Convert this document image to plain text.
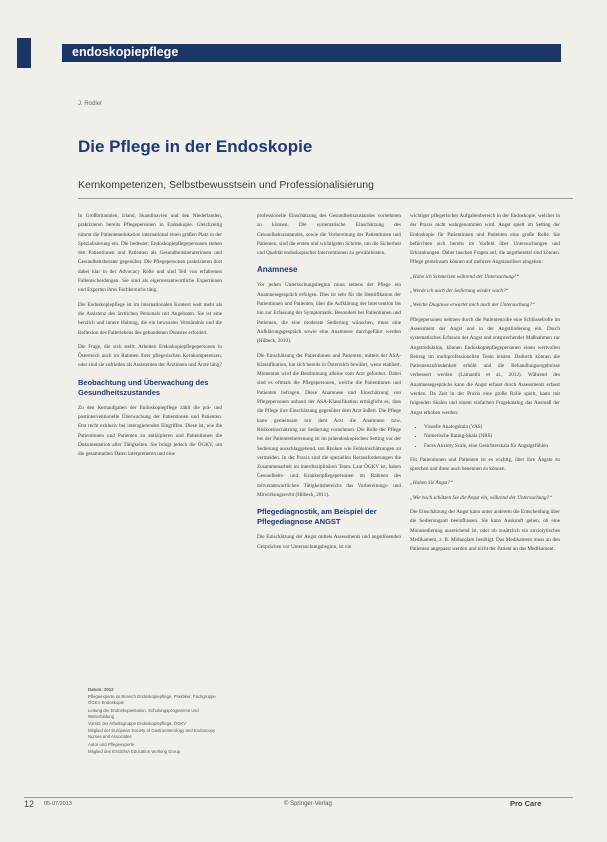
endoskopiepflege
J. Rodler
Die Pflege in der Endoskopie
Kernkompetenzen, Selbstbewusstsein und Professionalisierung

In Großbritannien, Irland, Skandinavien und den Niederlanden, praktizieren bereits Pflegepersonen in Endoskopie. Gleichzeitig nimmt die Patientenedukation international einen großen Platz in der Spezialisierung ein. Die bedeutet: Endoskopiepflegepersonen stehen den Patientinnen und Patienten als Gesundheitsberaterinnen und Gesundheitsberater gegenüber. Die Pflegepersonen praktizieren dort dabei klar in der Advocacy Rolle und sind Teil von erfahrenen Fallentscheidungen. Sie sind als eigenverantwortliche Expertinnen und Experten ihres Fachbereichs tätig.

Die Endoskopiepflege ist im internationalen Kontext weit mehr als die Assistenz des ärztlichen Personals mit Angeboten. Sie ist eine herzlich und innere Haltung, die ein bewusstes Verständnis und die Reflexion des Fallerlebens des gebundenen Dienstes erfordert.

Die Frage, die sich stellt: Arbeiten Endoskopiepflegepersonen in Österreich auch im Rahmen ihrer pflegerischen Kernkompetenzen, oder sind sie zufrieden als Assistenten der Ärztinnen und Ärzte tätig?

Beobachtung und Überwachung des Gesundheitszustandes

Zu den Kernaufgaben der Endoskopiepflege zählt die prä- und postinterventionelle Überwachung der Patientinnen und Patienten. Erst recht exklusiv bei interagierenden Eingriffen. Diese ist, wie die Patientinnen und Patienten zu antizipieren und Patientinnen die Dokumentation aller Tätigkeiten. Sie bringt jedoch die ÖGKV, um die gesammelten Daten interpretieren und eine

Datum: 2012
Pflegeexperte im Bereich Endoskopiepflege, Praktiker, Fachgruppe ÖGKV Endoskopie
Leitung der Endoskopiestation, Schulungsprogramme und Weiterbildung
Vorsitz der Arbeitsgruppe Endoskopiepflege, ÖGKV
Mitglied der European Society of Gastroenterology and Endoscopy Nurses and Associates
Autor und Pflegeexperte
Mitglied des ESGENA Education Working Group

professionelle Einschätzung des Gesundheitszustandes vornehmen zu können. Die systematische Einschätzung des Gesundheitszustandes, sowie die Vorbereitung der Patientinnen und Patienten, sind die ersten und wichtigsten Schritte, um die Sicherheit und Qualität endoskopischer Interventionen zu gewährleisten.

Anamnese

Vor jedem Untersuchungsbeginn muss seitens der Pflege ein Anamnesegespräch erfolgen. Dies ist sehr für die Identifikation der Patientinnen und Patienten, über die Aufklärung der Intervention bis hin zur Erfassung der Symptomatik. Besonders bei Patientinnen und Patienten, die eine moderate Sedierung wünschen, muss eine Aufklärungsgespräch sowie eine Anamnese durchgeführt werden (Hilbeck, 2010).

Die Einschätzung der Patientinnen und Patienten, mittels der ASA-Klassifikation, hat sich bereits in Österreich bewährt, wenn etabliert. Momentan wird die Bestimmung alleine vom Arzt gefordert. Dabei sind es oftmals die Pflegepersonen, welche die Patientinnen und Patienten befragen. Diese Anamnese und Einschätzung von Pflegepersonen anhand der ASA-Klassifikation ermöglicht es, dass die Pflege ihre Einschätzung gegenüber dem Arzt äußert. Die Pflege kann gemeinsam mit dem Arzt die Anamnese bzw. Risikoeinschätzung zur Sedierung vornehmen. Die Rolle der Pflege bei der Patientenbetreuung ist im präendoskopischen Setting vor der Sedierung ausschlaggebend, um Risiken wie Fehleinschätzungen zu vermeiden. In der Praxis sind die speziellen Herausforderungen die Zusammenarbeit im interdisziplinären Team. Laut ÖGKV ist, haben Gesundheits- und Krankenpflegepersonen im Rahmen des mitverantwortlichen Tätigkeitsbereichs das Vorbereitungs- und Mitwirkungsrecht (Hilbeck, 2011).

Pflegediagnostik, am Beispiel der Pflegediagnose ANGST

Die Einschätzung der Angst mittels Assessments und angstlösenden Gesprächen vor Untersuchungsbeginn, ist ein

wichtiger pflegerischer Aufgabenbereich in der Endoskopie, welcher in der Praxis nicht wahrgenommen wird. Angst spielt im Setting der Endoskopie für Patientinnen und Patienten eine große Rolle. Sie befürchten sich bereits im Vorfeld über Untersuchungen und Erkrankungen. Daher tauchen Fragen auf, die angstbesetzt sind können. Pflege gemeinsam können auf mehrere Angstauslöser eingehen:

„Habe ich Schmerzen während der Untersuchung?“

„Werde ich auch der Sedierung wieder wach?“

„Welche Diagnose erwartet mich nach der Untersuchung?“

Pflegepersonen nehmen durch die Patientenrolle eine Schlüsselrolle im Assessment der Angst und in der Angstlinderung ein. Durch systematisches Erfassen der Angst und entsprechender Maßnahmen zur Angstreduktion, können Endoskopiepflegepersonen einen wertvollen Beitrag im multiprofessionellen Team leisten. Dadurch können die Patientenzufriedenheit erhöht und die Behandlungsergebnisse verbessert werden (Lamanthi et al., 2012). Während des Anamnesegesprächs kann die Angst erfasst durch Assessments erfasst werden. Da Zeit in der Praxis eine große Rolle spielt, kann mit folgenden Skalen und einem einfachen Fragekatalog das Ausmaß der Angst erhoben werden:

• Visuelle Analogskala (VAS)
• Numerische Rating-Skala (NRS)
• Faces Anxiety Scale, eine Gesichterskala für Angstgefühlen

Für Patientinnen und Patienten ist es wichtig, über ihre Ängste zu sprechen und diese auch benennen zu können.

„Haben Sie Angst?“

„Wie hoch schätzen Sie die Angst ein, während der Untersuchung?“

Die Einschätzung der Angst kann unter anderem die Entscheidung über die Sedierungsart beeinflussen. Sie kann Auskunft geben, ob eine Monosedierung ausreichend ist, oder ob zusätzlich ein anxiolytisches Medikament, z. B. Midazolam benötigt. Das Medikament muss an den Patienten angepasst werden und nicht der Patient an das Medikament.

12 05-07/2013	© Springer-Verlag	Pro Care
